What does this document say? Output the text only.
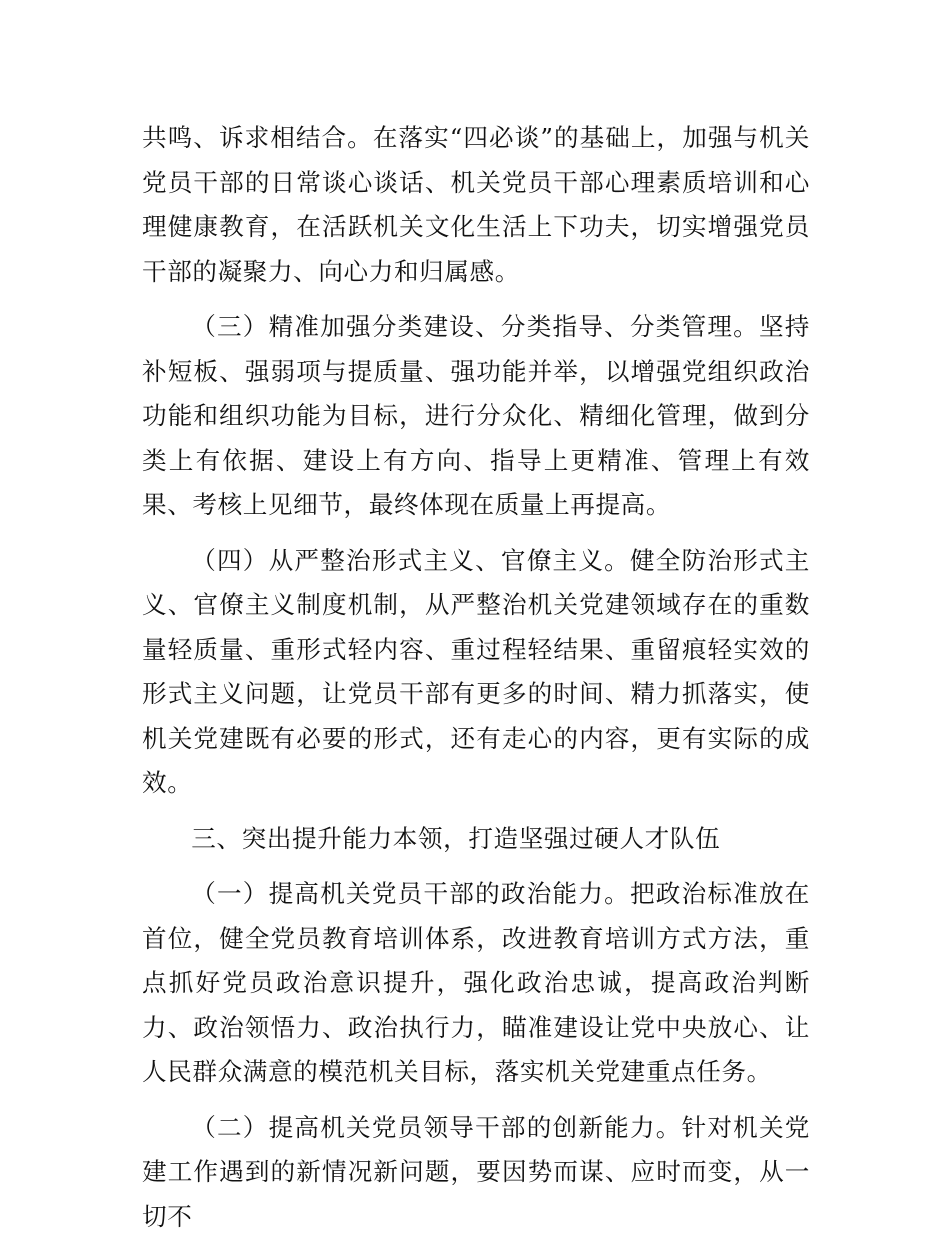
共鸣、诉求相结合。在落实“四必谈”的基础上，加强与机关党员干部的日常谈心谈话、机关党员干部心理素质培训和心理健康教育，在活跃机关文化生活上下功夫，切实增强党员干部的凝聚力、向心力和归属感。

（三）精准加强分类建设、分类指导、分类管理。坚持补短板、强弱项与提质量、强功能并举，以增强党组织政治功能和组织功能为目标，进行分众化、精细化管理，做到分类上有依据、建设上有方向、指导上更精准、管理上有效果、考核上见细节，最终体现在质量上再提高。

（四）从严整治形式主义、官僚主义。健全防治形式主义、官僚主义制度机制，从严整治机关党建领域存在的重数量轻质量、重形式轻内容、重过程轻结果、重留痕轻实效的形式主义问题，让党员干部有更多的时间、精力抓落实，使机关党建既有必要的形式，还有走心的内容，更有实际的成效。

三、突出提升能力本领，打造坚强过硬人才队伍

（一）提高机关党员干部的政治能力。把政治标准放在首位，健全党员教育培训体系，改进教育培训方式方法，重点抓好党员政治意识提升，强化政治忠诚，提高政治判断力、政治领悟力、政治执行力，瞄准建设让党中央放心、让人民群众满意的模范机关目标，落实机关党建重点任务。

（二）提高机关党员领导干部的创新能力。针对机关党建工作遇到的新情况新问题，要因势而谋、应时而变，从一切不
